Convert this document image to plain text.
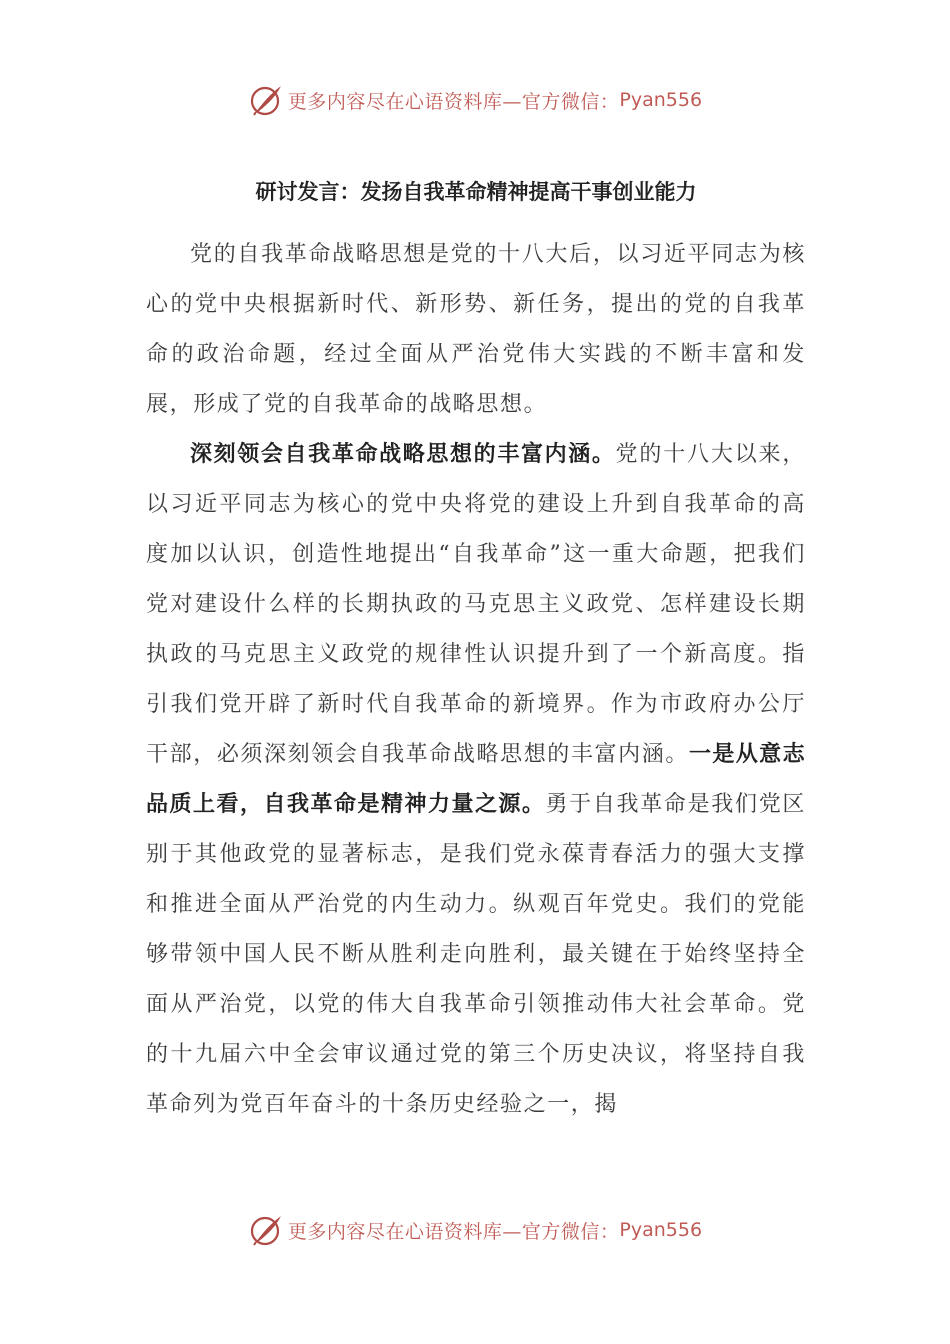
更多内容尽在心语资料库—官方微信： Pyan556
研讨发言：发扬自我革命精神提高干事创业能力

党的自我革命战略思想是党的十八大后，以习近平同志为核心的党中央根据新时代、新形势、新任务，提出的党的自我革命的政治命题，经过全面从严治党伟大实践的不断丰富和发展，形成了党的自我革命的战略思想。

深刻领会自我革命战略思想的丰富内涵。党的十八大以来，以习近平同志为核心的党中央将党的建设上升到自我革命的高度加以认识，创造性地提出“自我革命”这一重大命题，把我们党对建设什么样的长期执政的马克思主义政党、怎样建设长期执政的马克思主义政党的规律性认识提升到了一个新高度。指引我们党开辟了新时代自我革命的新境界。作为市政府办公厅干部，必须深刻领会自我革命战略思想的丰富内涵。一是从意志品质上看，自我革命是精神力量之源。勇于自我革命是我们党区别于其他政党的显著标志，是我们党永葆青春活力的强大支撑和推进全面从严治党的内生动力。纵观百年党史。我们的党能够带领中国人民不断从胜利走向胜利，最关键在于始终坚持全面从严治党，以党的伟大自我革命引领推动伟大社会革命。党的十九届六中全会审议通过党的第三个历史决议，将坚持自我革命列为党百年奋斗的十条历史经验之一，揭

更多内容尽在心语资料库—官方微信： Pyan556
